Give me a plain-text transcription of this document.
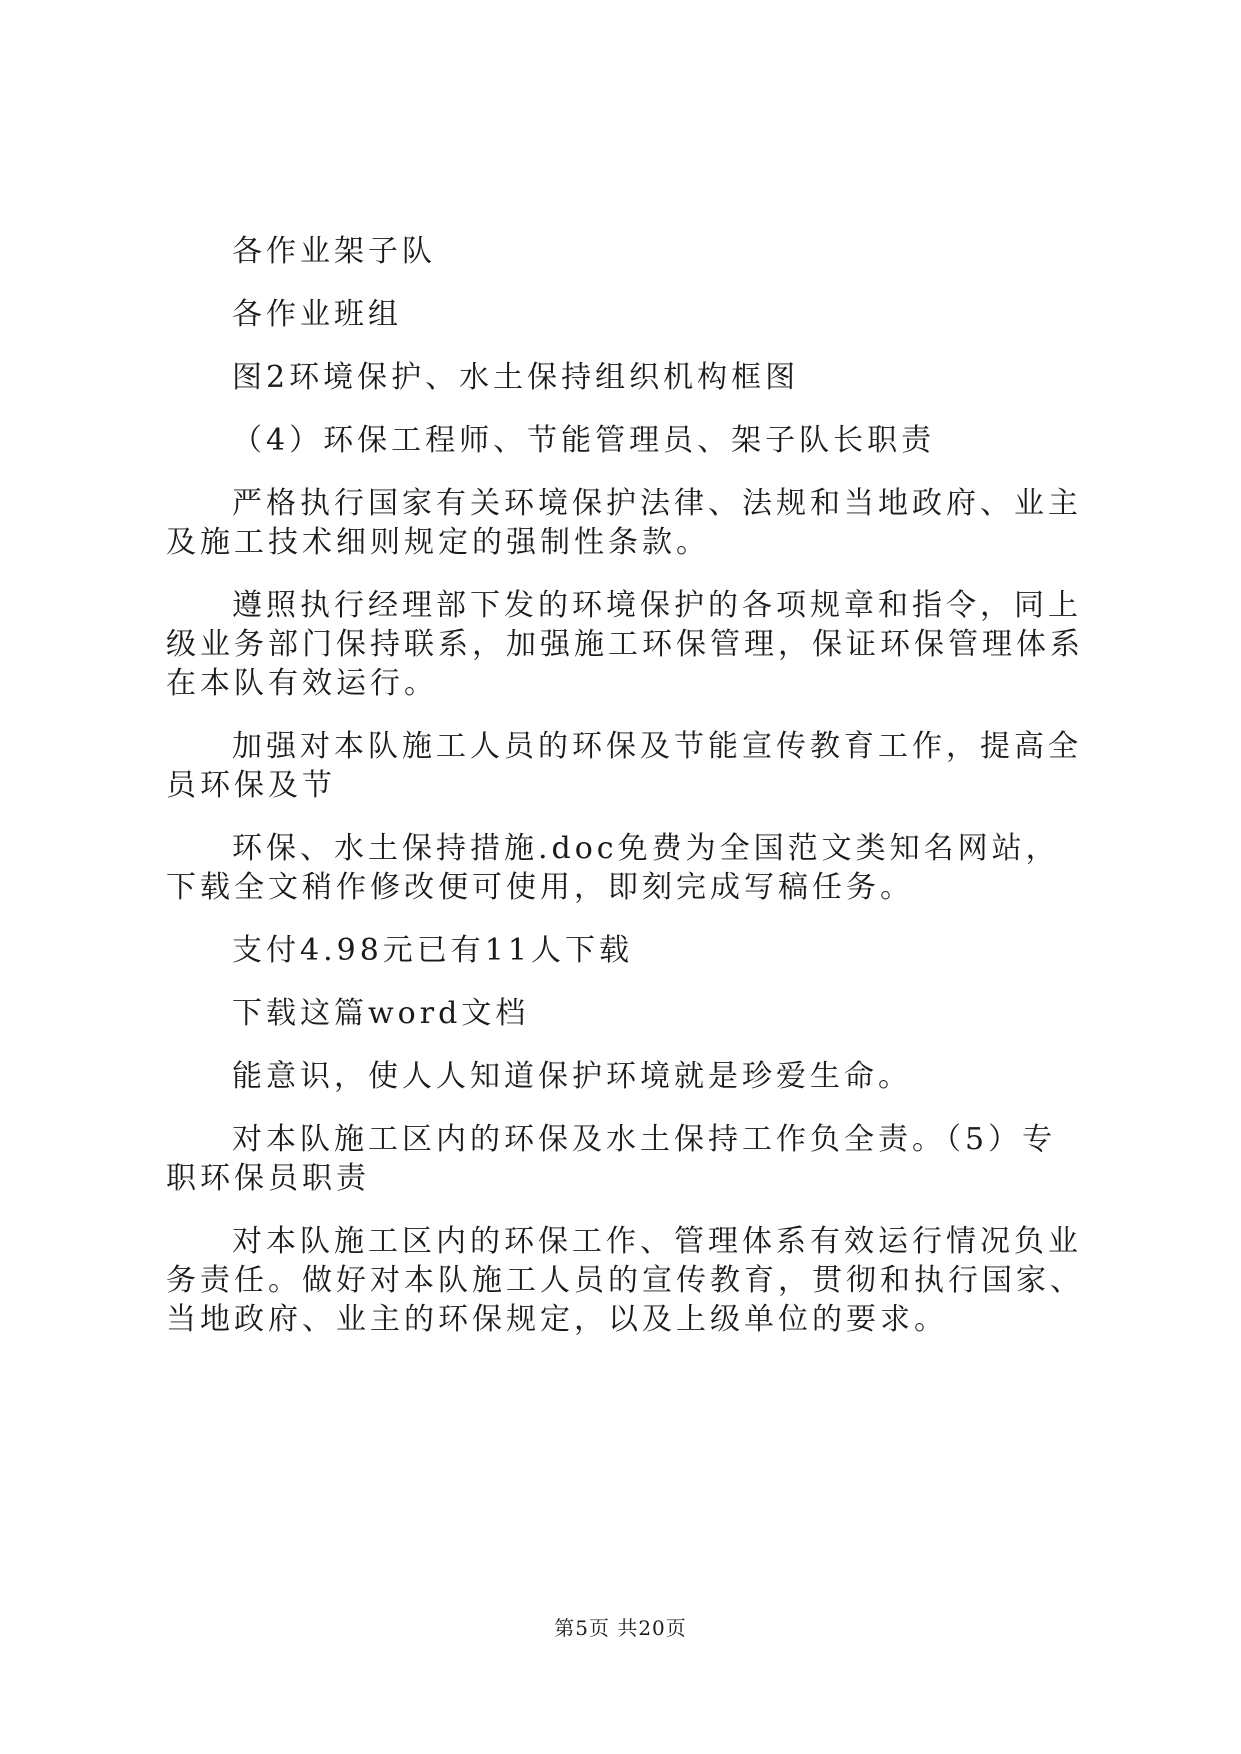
各作业架子队

各作业班组

图2环境保护、水土保持组织机构框图

（4）环保工程师、节能管理员、架子队长职责

严格执行国家有关环境保护法律、法规和当地政府、业主及施工技术细则规定的强制性条款。

遵照执行经理部下发的环境保护的各项规章和指令，同上级业务部门保持联系，加强施工环保管理，保证环保管理体系在本队有效运行。

加强对本队施工人员的环保及节能宣传教育工作，提高全员环保及节

环保、水土保持措施.doc免费为全国范文类知名网站，下载全文稍作修改便可使用，即刻完成写稿任务。

支付4.98元已有11人下载

下载这篇word文档

能意识，使人人知道保护环境就是珍爱生命。

对本队施工区内的环保及水土保持工作负全责。（5）专职环保员职责

对本队施工区内的环保工作、管理体系有效运行情况负业务责任。做好对本队施工人员的宣传教育，贯彻和执行国家、当地政府、业主的环保规定，以及上级单位的要求。

第5页 共20页
